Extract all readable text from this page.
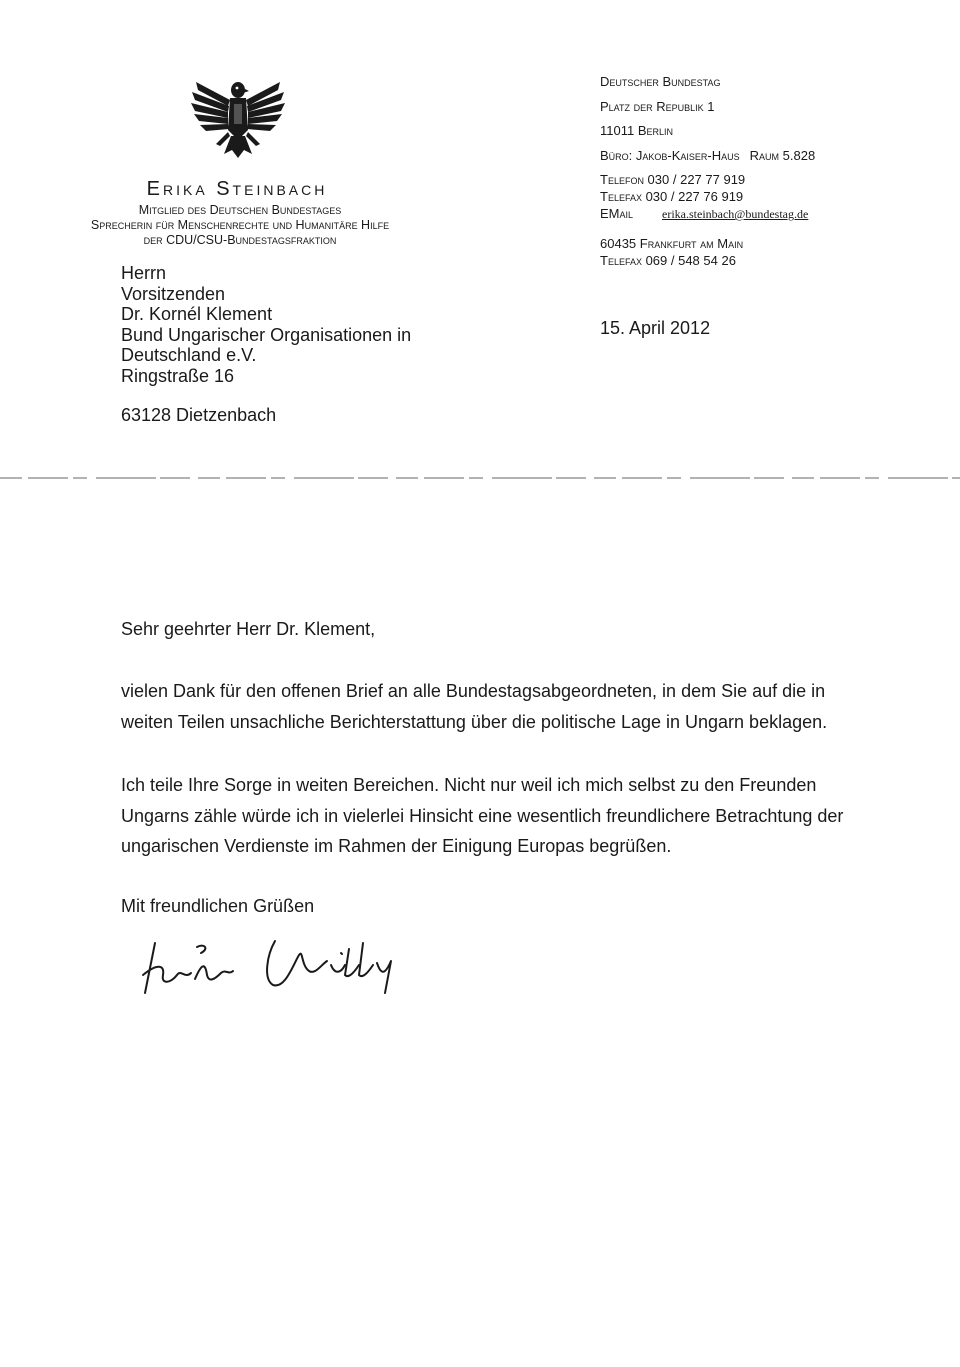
Erika Steinbach
Mitglied des Deutschen Bundestages
Sprecherin für Menschenrechte und Humanitäre Hilfe
der CDU/CSU-Bundestagsfraktion
Herrn
Vorsitzenden
Dr. Kornél Klement
Bund Ungarischer Organisationen in
Deutschland e.V.
Ringstraße 16
63128 Dietzenbach
Deutscher Bundestag
Platz der Republik 1
11011 Berlin
Büro: Jakob-Kaiser-Haus Raum 5.828
Telefon 030 / 227 77 919
Telefax 030 / 227 76 919
EMail erika.steinbach@bundestag.de
60435 Frankfurt am Main
Telefax 069 / 548 54 26
15. April 2012
Sehr geehrter Herr Dr. Klement,
vielen Dank für den offenen Brief an alle Bundestagsabgeordneten, in dem Sie auf die in
weiten Teilen unsachliche Berichterstattung über die politische Lage in Ungarn beklagen.
Ich teile Ihre Sorge in weiten Bereichen. Nicht nur weil ich mich selbst zu den Freunden
Ungarns zähle würde ich in vielerlei Hinsicht eine wesentlich freundlichere Betrachtung der
ungarischen Verdienste im Rahmen der Einigung Europas begrüßen.
Mit freundlichen Grüßen
